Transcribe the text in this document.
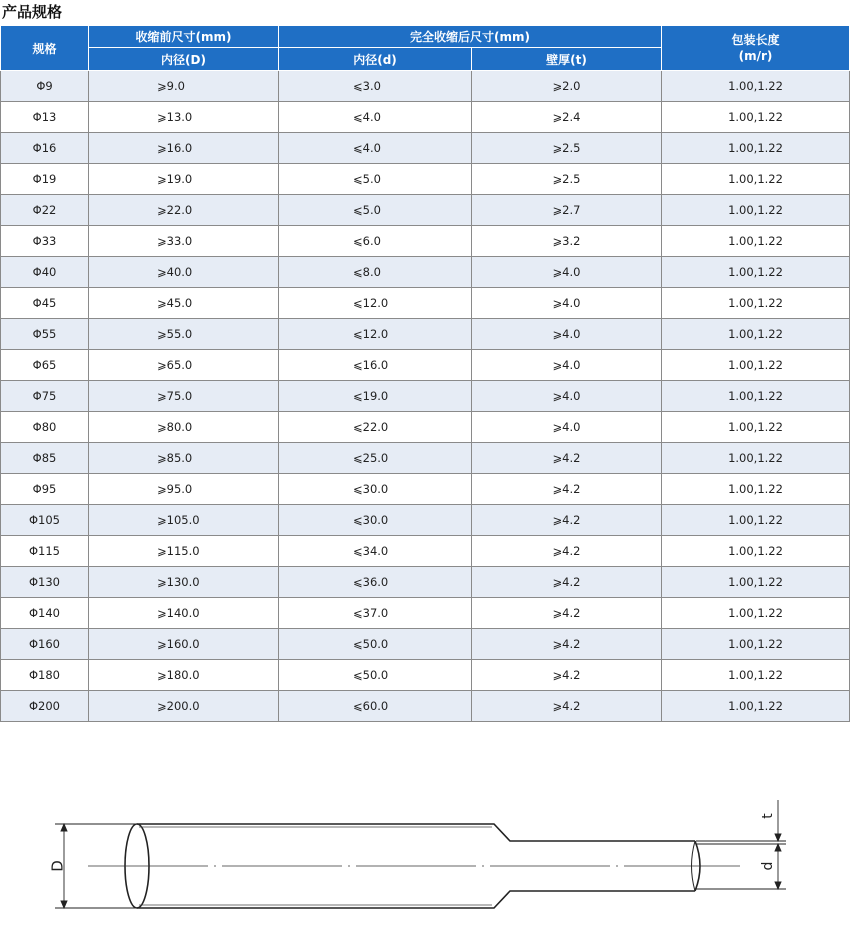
产品规格
规格	收缩前尺寸(mm)	完全收缩后尺寸(mm)		包装长度
(m/r)

	内径(D)	内径(d)	壁厚(t)	
Φ9	⩾9.0	⩽3.0	⩾2.0	1.00,1.22
Φ13	⩾13.0	⩽4.0	⩾2.4	1.00,1.22
Φ16	⩾16.0	⩽4.0	⩾2.5	1.00,1.22
Φ19	⩾19.0	⩽5.0	⩾2.5	1.00,1.22
Φ22	⩾22.0	⩽5.0	⩾2.7	1.00,1.22
Φ33	⩾33.0	⩽6.0	⩾3.2	1.00,1.22
Φ40	⩾40.0	⩽8.0	⩾4.0	1.00,1.22
Φ45	⩾45.0	⩽12.0	⩾4.0	1.00,1.22
Φ55	⩾55.0	⩽12.0	⩾4.0	1.00,1.22
Φ65	⩾65.0	⩽16.0	⩾4.0	1.00,1.22
Φ75	⩾75.0	⩽19.0	⩾4.0	1.00,1.22
Φ80	⩾80.0	⩽22.0	⩾4.0	1.00,1.22
Φ85	⩾85.0	⩽25.0	⩾4.2	1.00,1.22
Φ95	⩾95.0	⩽30.0	⩾4.2	1.00,1.22
Φ105	⩾105.0	⩽30.0	⩾4.2	1.00,1.22
Φ115	⩾115.0	⩽34.0	⩾4.2	1.00,1.22
Φ130	⩾130.0	⩽36.0	⩾4.2	1.00,1.22
Φ140	⩾140.0	⩽37.0	⩾4.2	1.00,1.22
Φ160	⩾160.0	⩽50.0	⩾4.2	1.00,1.22
Φ180	⩾180.0	⩽50.0	⩾4.2	1.00,1.22
Φ200	⩾200.0	⩽60.0	⩾4.2	1.00,1.22
D
t
d
